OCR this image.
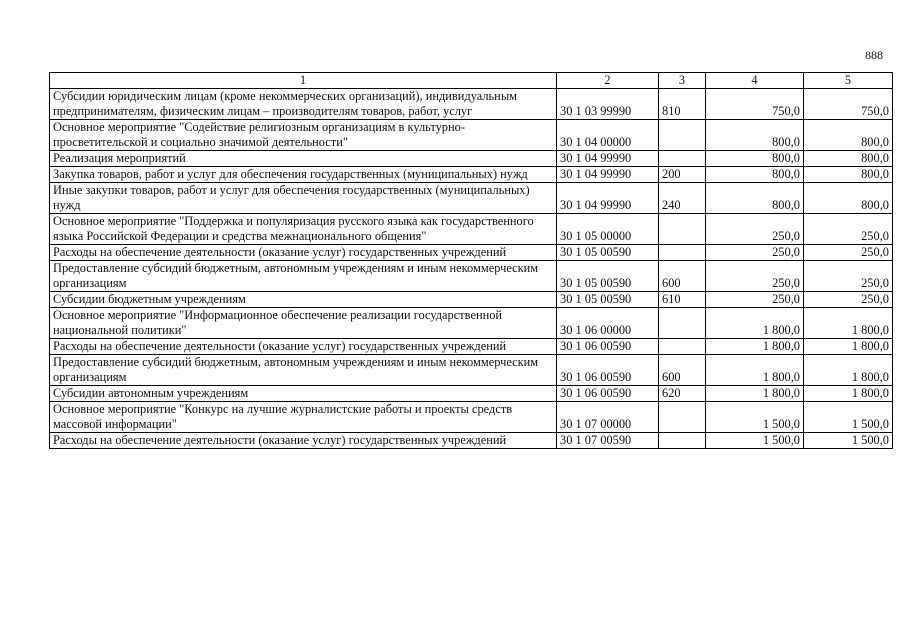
888
1	2	3	4	5
Субсидии юридическим лицам (кроме некоммерческих организаций), индивидуальным предпринимателям, физическим лицам – производителям товаров, работ, услуг	30 1 03 99990	810	750,0	750,0
Основное мероприятие "Содействие религиозным организациям в культурно-просветительской и социально значимой деятельности"	30 1 04 00000		800,0	800,0
Реализация мероприятий	30 1 04 99990		800,0	800,0
Закупка товаров, работ и услуг для обеспечения государственных (муниципальных) нужд	30 1 04 99990	200	800,0	800,0
Иные закупки товаров, работ и услуг для обеспечения государственных (муниципальных) нужд	30 1 04 99990	240	800,0	800,0
Основное мероприятие "Поддержка и популяризация русского языка как государственного языка Российской Федерации и средства межнационального общения"	30 1 05 00000		250,0	250,0
Расходы на обеспечение деятельности (оказание услуг) государственных учреждений	30 1 05 00590		250,0	250,0
Предоставление субсидий бюджетным, автономным учреждениям и иным некоммерческим организациям	30 1 05 00590	600	250,0	250,0
Субсидии бюджетным учреждениям	30 1 05 00590	610	250,0	250,0
Основное мероприятие "Информационное обеспечение реализации государственной национальной политики"	30 1 06 00000		1 800,0	1 800,0
Расходы на обеспечение деятельности (оказание услуг) государственных учреждений	30 1 06 00590		1 800,0	1 800,0
Предоставление субсидий бюджетным, автономным учреждениям и иным некоммерческим организациям	30 1 06 00590	600	1 800,0	1 800,0
Субсидии автономным учреждениям	30 1 06 00590	620	1 800,0	1 800,0
Основное мероприятие "Конкурс на лучшие журналистские работы и проекты средств массовой информации"	30 1 07 00000		1 500,0	1 500,0
Расходы на обеспечение деятельности (оказание услуг) государственных учреждений	30 1 07 00590		1 500,0	1 500,0
